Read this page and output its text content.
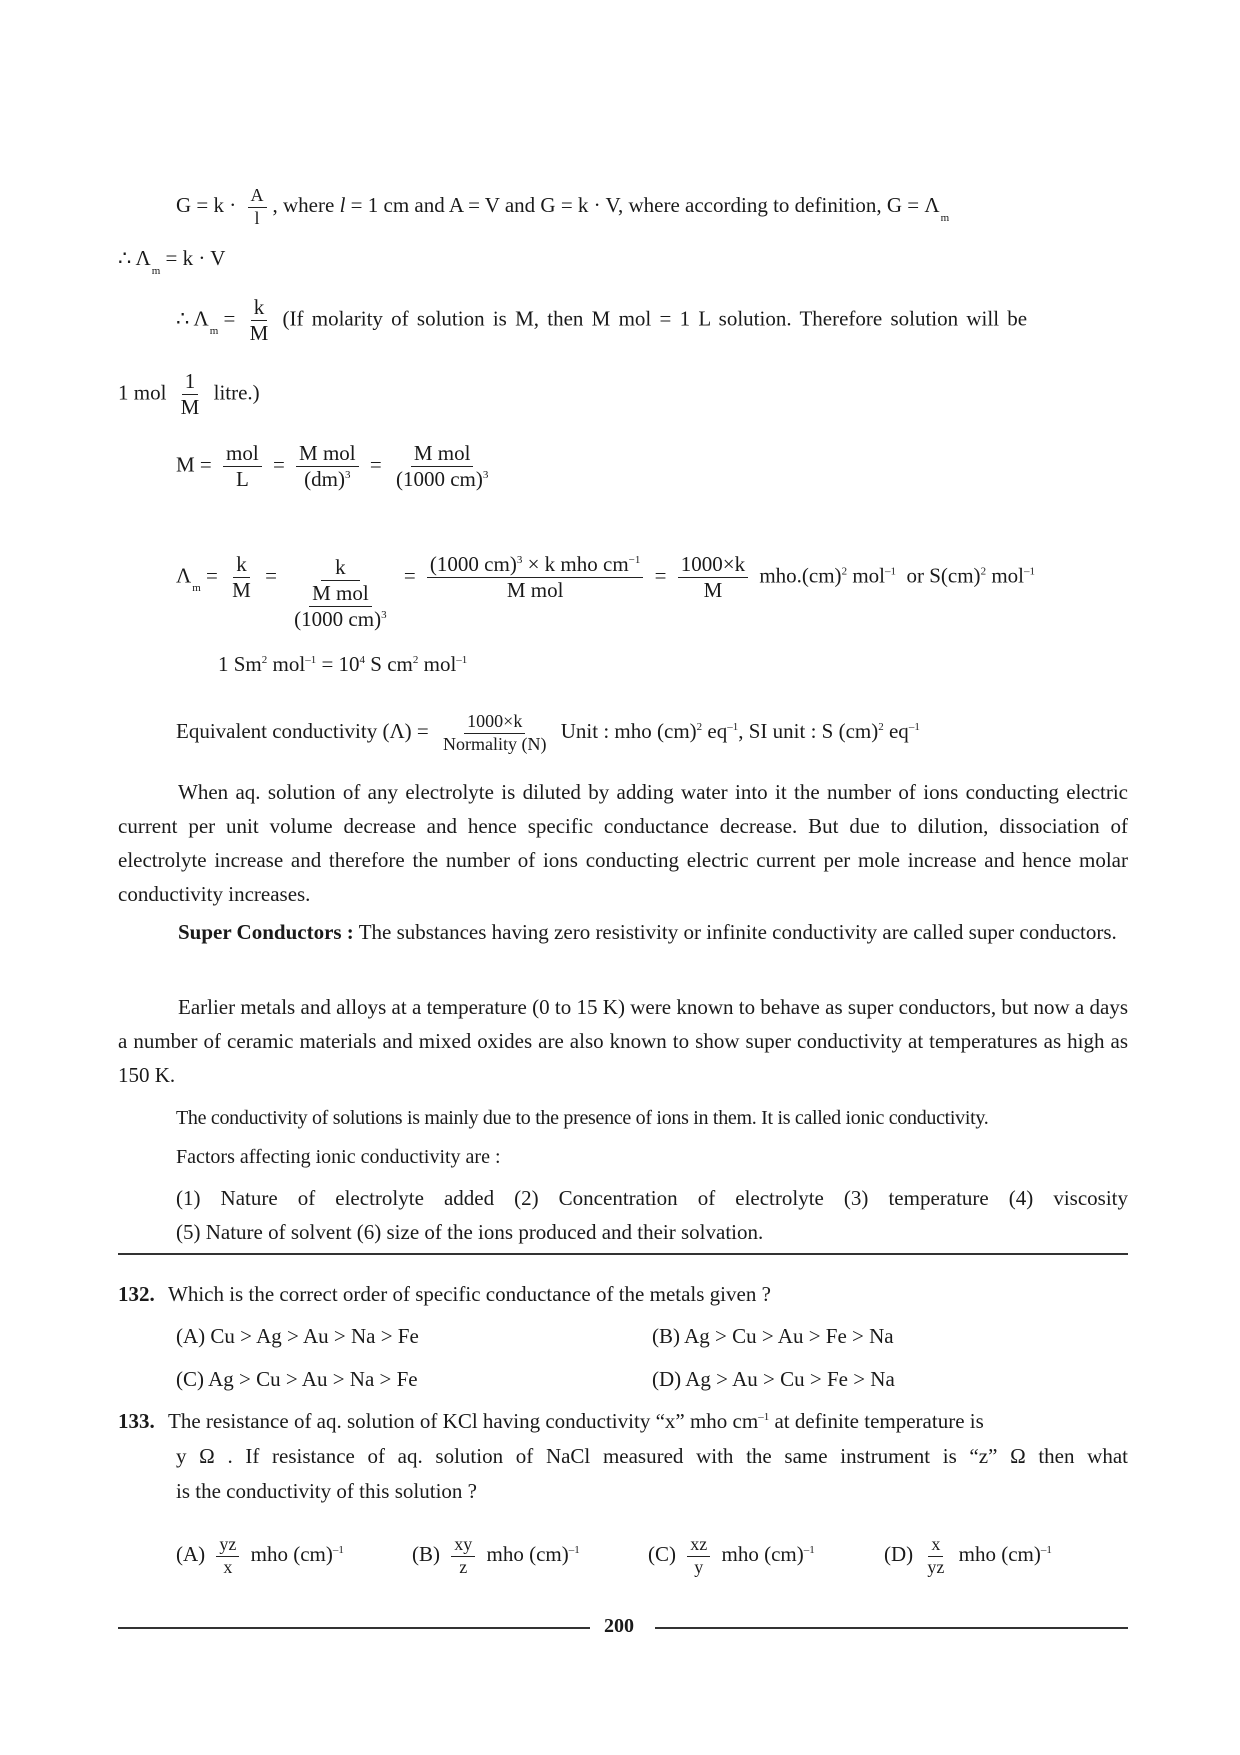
$G = k \cdot \frac{A}{l}$ , where l = 1 cm and A = V and G = k · V, where according to definition, $G = \Lambda_m$
∴ $\Lambda_m = k \cdot V$
∴ $\Lambda_m = \frac{k}{M} (If$ molarity of solution is M, then M mol = 1 L solution. Therefore solution will be
1 mol $\frac{1}{M}$ litre.)
$M = \frac{\text{mol}}{L} = \frac{\text{M mol}}{(dm)^3} = \frac{\text{M mol}}{(1000 cm)^3}$
$\Lambda_m = \frac{k}{M} = \frac{k}{\frac{\text{M mol}}{(1000 cm)^3}} = \frac{(1000 cm)^3 \times k mho cm^{-1}}{\text{M mol}} = \frac{1000\times k}{M} mho.(cm)^2$ mol$^{-1}$ or S(cm)$^2$ mol$^{-1}$
1 Sm$^2$ $mol^{-1} = 10^4$ S $cm^2$ mol$^{-1}$
Equivalent conductivity $(\Lambda) = \frac{1000\times k}{\text{Normality (N)}}$ Unit : mho (cm)$^2$ $eq^{-1}$, SI unit : S (cm)$^2$ $eq^{-1}$
When aq. solution of any electrolyte is diluted by adding water into it the number of ions conducting electric current per unit volume decrease and hence specific conductance decrease. But due to dilution, dissociation of electrolyte increase and therefore the number of ions conducting electric current per mole increase and hence molar conductivity increases.
Super Conductors : The substances having zero resistivity or infinite conductivity are called super conductors.
Earlier metals and alloys at a temperature (0 to 15 K) were known to behave as super conductors, but now a days a number of ceramic materials and mixed oxides are also known to show super conductivity at temperatures as high as 150 K.
The conductivity of solutions is mainly due to the presence of ions in them. It is called ionic conductivity.
Factors affecting ionic conductivity are :
(1) Nature of electrolyte added (2) Concentration of electrolyte (3) temperature (4) viscosity
(5) Nature of solvent (6) size of the ions produced and their solvation.
132. Which is the correct order of specific conductance of the metals given ?
(A) Cu > Ag > Au > Na > Fe	(B) Ag > Cu > Au > Fe > Na
(C) Ag > Cu > Au > Na > Fe	(D) Ag > Au > Cu > Fe > Na
133. The resistance of aq. solution of KCl having conductivity “x” mho $cm^{-1}$ at definite temperature is
y Ω . If resistance of aq. solution of NaCl measured with the same instrument is “z” Ω then what
is the conductivity of this solution ?
$(A) \frac{yz}{x}$ mho (cm)$^{-1}$	$(B) \frac{xy}{z}$ mho (cm)$^{-1}$	$(C) \frac{xz}{y}$ mho (cm)$^{-1}$	$(D) \frac{x}{yz}$ mho (cm)$^{-1}$
200
